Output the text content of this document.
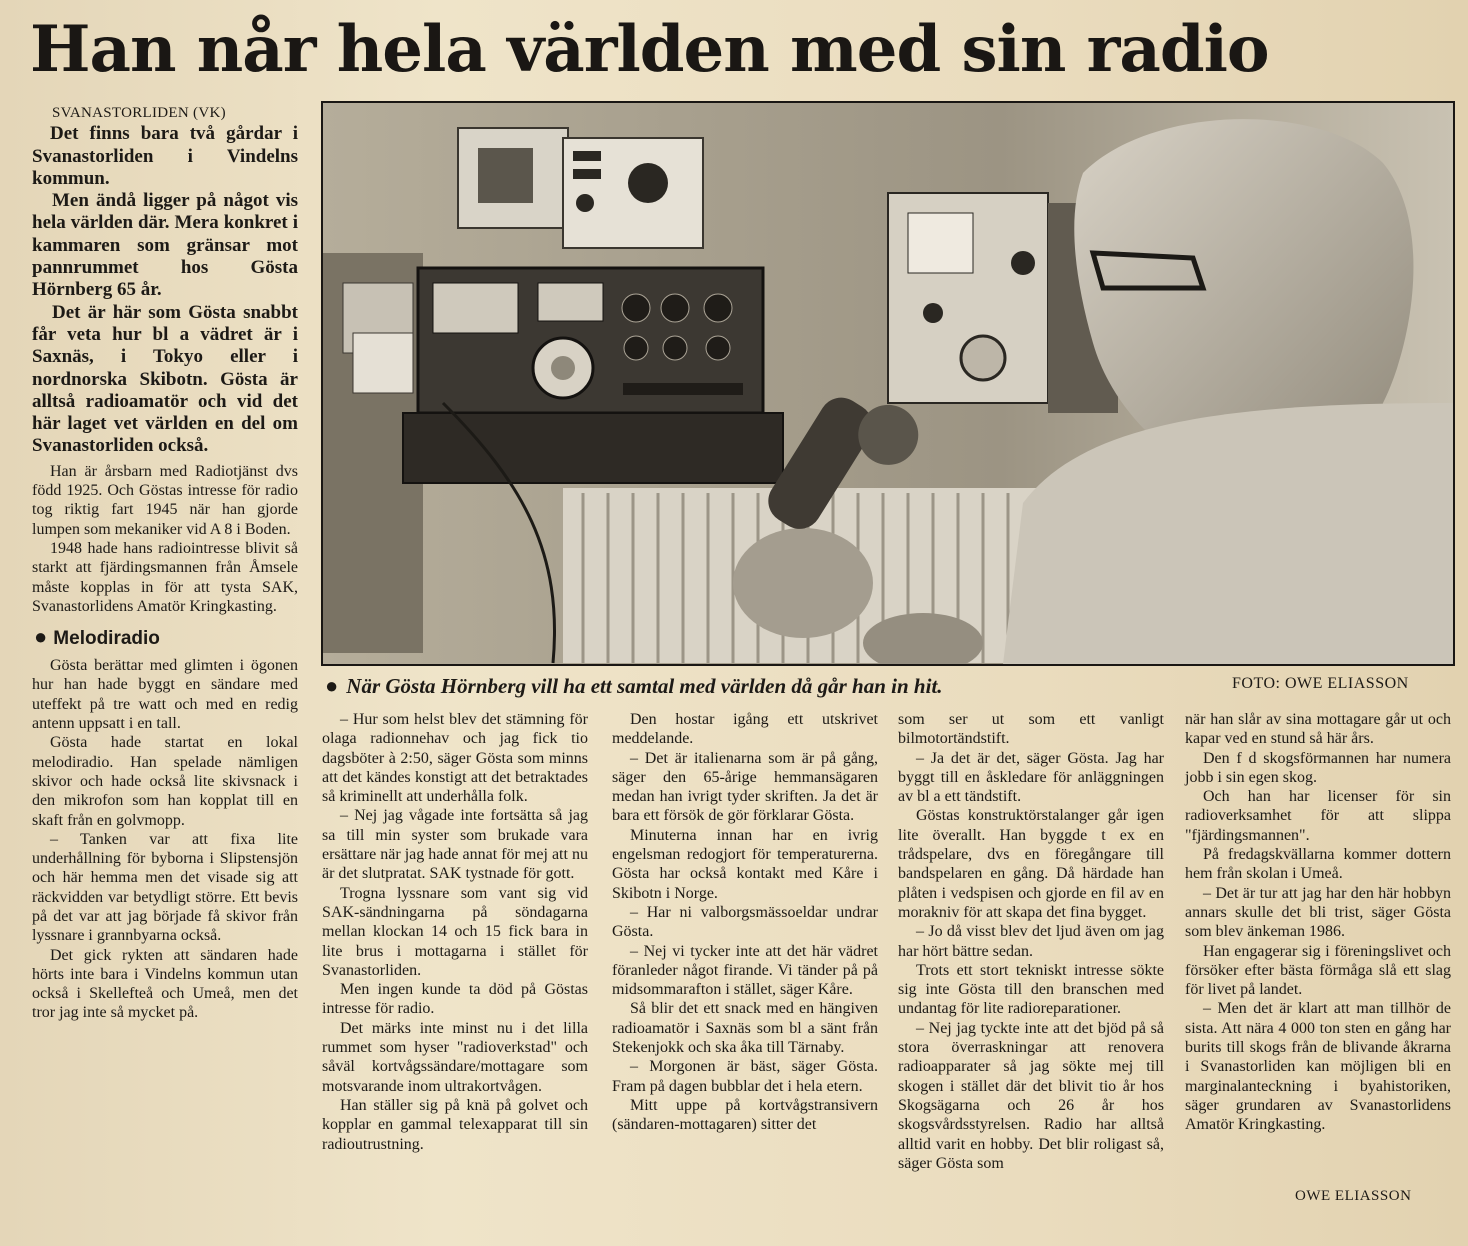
Han når hela världen med sin radio

SVANASTORLIDEN (VK)

Det finns bara två gårdar i Svanastorliden i Vindelns kommun.

Men ändå ligger på något vis hela världen där. Mera konkret i kammaren som gränsar mot pannrummet hos Gösta Hörnberg 65 år.

Det är här som Gösta snabbt får veta hur bl a vädret är i Saxnäs, i Tokyo eller i nordnorska Skibotn. Gösta är alltså radioamatör och vid det här laget vet världen en del om Svanastorliden också.

Han är årsbarn med Radiotjänst dvs född 1925. Och Göstas intresse för radio tog riktig fart 1945 när han gjorde lumpen som mekaniker vid A 8 i Boden.

1948 hade hans radiointresse blivit så starkt att fjärdingsmannen från Åmsele måste kopplas in för att tysta SAK, Svanastorlidens Amatör Kringkasting.

● Melodiradio

Gösta berättar med glimten i ögonen hur han hade byggt en sändare med uteffekt på tre watt och med en redig antenn uppsatt i en tall.

Gösta hade startat en lokal melodiradio. Han spelade nämligen skivor och hade också lite skivsnack i den mikrofon som han kopplat till en skaft från en golvmopp.

– Tanken var att fixa lite underhållning för byborna i Slipstensjön och här hemma men det visade sig att räckvidden var betydligt större. Ett bevis på det var att jag började få skivor från lyssnare i grannbyarna också.

Det gick rykten att sändaren hade hörts inte bara i Vindelns kommun utan också i Skellefteå och Umeå, men det tror jag inte så mycket på.

● När Gösta Hörnberg vill ha ett samtal med världen då går han in hit.	FOTO: OWE ELIASSON

– Hur som helst blev det stämning för olaga radionnehav och jag fick tio dagsböter à 2:50, säger Gösta som minns att det kändes konstigt att det betraktades så kriminellt att underhålla folk.

– Nej jag vågade inte fortsätta så jag sa till min syster som brukade vara ersättare när jag hade annat för mej att nu är det slutpratat. SAK tystnade för gott.

Trogna lyssnare som vant sig vid SAK-sändningarna på söndagarna mellan klockan 14 och 15 fick bara in lite brus i mottagarna i stället för Svanastorliden.

Men ingen kunde ta död på Göstas intresse för radio.

Det märks inte minst nu i det lilla rummet som hyser "radioverkstad" och såväl kortvågssändare/mottagare som motsvarande inom ultrakortvågen.

Han ställer sig på knä på golvet och kopplar en gammal telexapparat till sin radioutrustning.

Den hostar igång ett utskrivet meddelande.

– Det är italienarna som är på gång, säger den 65-årige hemmansägaren medan han ivrigt tyder skriften. Ja det är bara ett försök de gör förklarar Gösta.

Minuterna innan har en ivrig engelsman redogjort för temperaturerna. Gösta har också kontakt med Kåre i Skibotn i Norge.

– Har ni valborgsmässoeldar undrar Gösta.

– Nej vi tycker inte att det här vädret föranleder något firande. Vi tänder på på midsommarafton i stället, säger Kåre.

Så blir det ett snack med en hängiven radioamatör i Saxnäs som bl a sänt från Stekenjokk och ska åka till Tärnaby.

– Morgonen är bäst, säger Gösta. Fram på dagen bubblar det i hela etern.

Mitt uppe på kortvågstransivern (sändaren-mottagaren) sitter det

som ser ut som ett vanligt bilmotortändstift.

– Ja det är det, säger Gösta. Jag har byggt till en åskledare för anläggningen av bl a ett tändstift.

Göstas konstruktörstalanger går igen lite överallt. Han byggde t ex en trådspelare, dvs en föregångare till bandspelaren en gång. Då härdade han plåten i vedspisen och gjorde en fil av en morakniv för att skapa det fina bygget.

– Jo då visst blev det ljud även om jag har hört bättre sedan.

Trots ett stort tekniskt intresse sökte sig inte Gösta till den branschen med undantag för lite radioreparationer.

– Nej jag tyckte inte att det bjöd på så stora överraskningar att renovera radioapparater så jag sökte mej till skogen i stället där det blivit tio år hos Skogsägarna och 26 år hos skogsvårdsstyrelsen. Radio har alltså alltid varit en hobby. Det blir roligast så, säger Gösta som

när han slår av sina mottagare går ut och kapar ved en stund så här års.

Den f d skogsförmannen har numera jobb i sin egen skog.

Och han har licenser för sin radioverksamhet för att slippa "fjärdingsmannen".

På fredagskvällarna kommer dottern hem från skolan i Umeå.

– Det är tur att jag har den här hobbyn annars skulle det bli trist, säger Gösta som blev änkeman 1986.

Han engagerar sig i föreningslivet och försöker efter bästa förmåga slå ett slag för livet på landet.

– Men det är klart att man tillhör de sista. Att nära 4 000 ton sten en gång har burits till skogs från de blivande åkrarna i Svanastorliden kan möjligen bli en marginalanteckning i byahistoriken, säger grundaren av Svanastorlidens Amatör Kringkasting.

OWE ELIASSON
